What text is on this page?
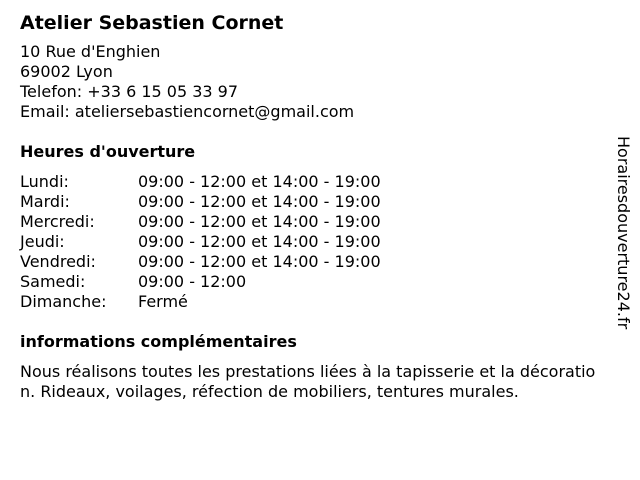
Atelier Sebastien Cornet
10 Rue d'Enghien
69002 Lyon
Telefon: +33 6 15 05 33 97
Email: ateliersebastiencornet@gmail.com
Heures d'ouverture
Lundi:	09:00 - 12:00 et 14:00 - 19:00
Mardi:	09:00 - 12:00 et 14:00 - 19:00
Mercredi:	09:00 - 12:00 et 14:00 - 19:00
Jeudi:	09:00 - 12:00 et 14:00 - 19:00
Vendredi:	09:00 - 12:00 et 14:00 - 19:00
Samedi:	09:00 - 12:00
Dimanche:	Fermé
informations complémentaires
Nous réalisons toutes les prestations liées à la tapisserie et la décoration. Rideaux, voilages, réfection de mobiliers, tentures murales.
Horairesdouverture24.fr
